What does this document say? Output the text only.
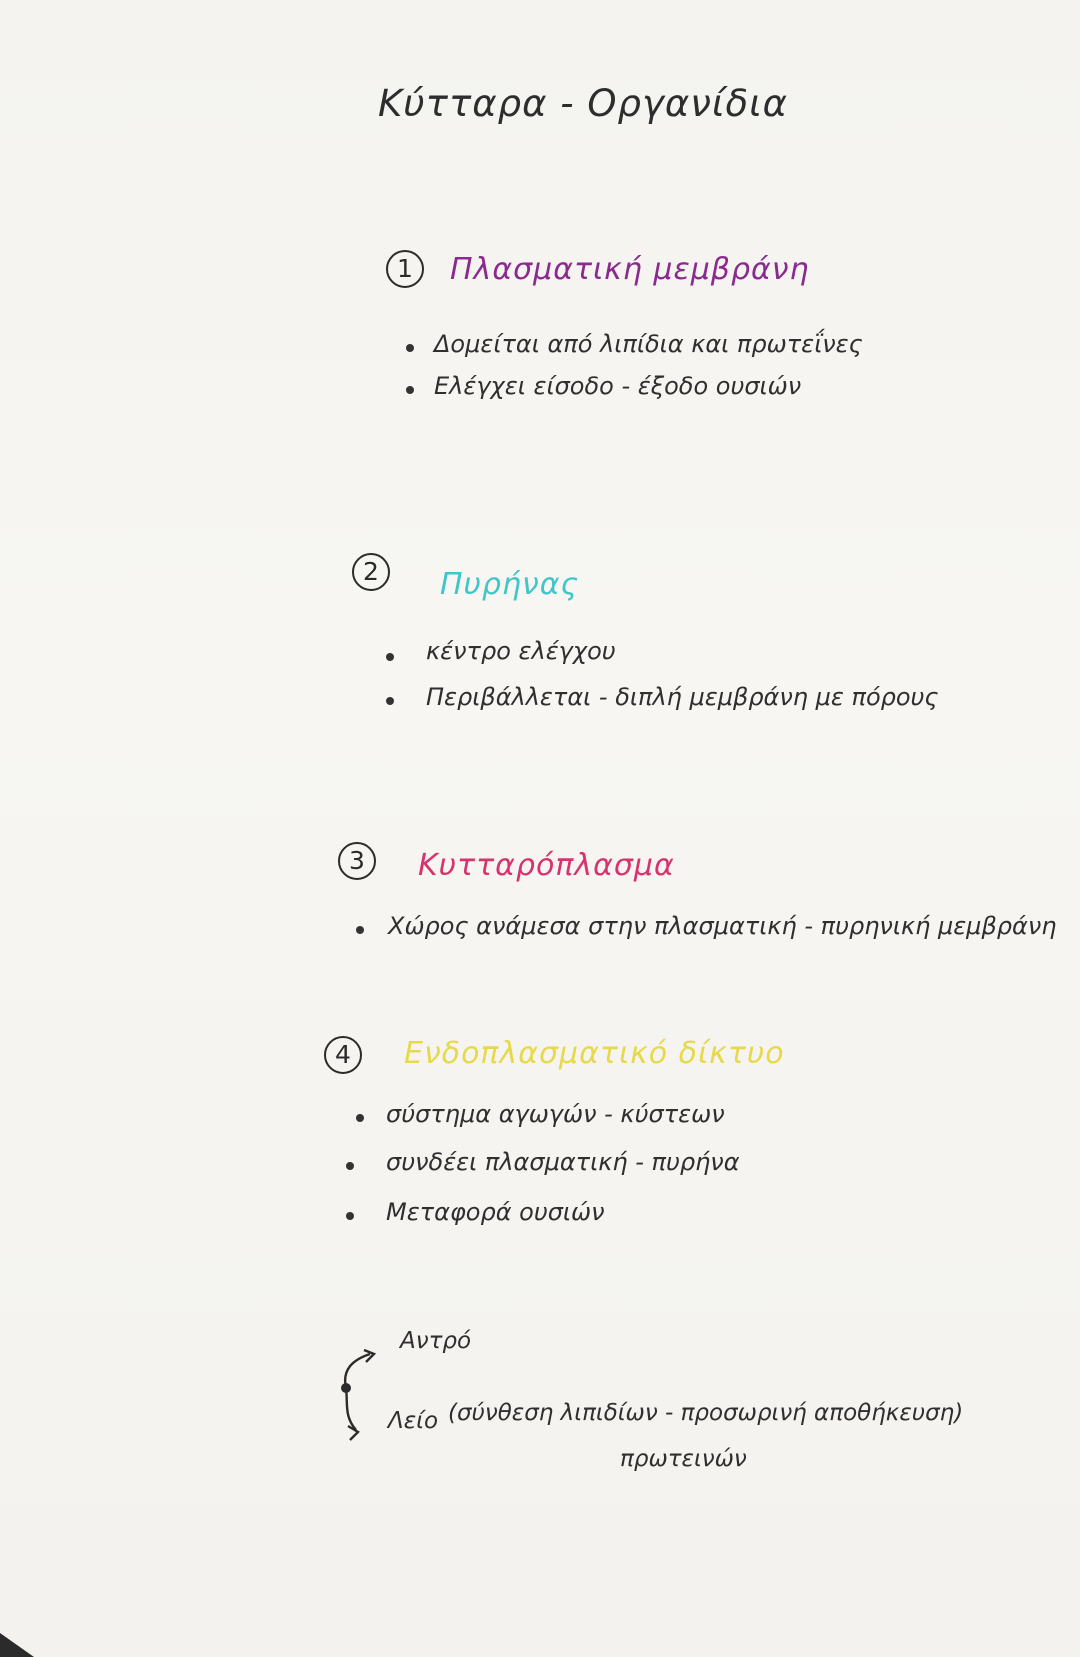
Κύτταρα - Οργανίδια
1	Πλασματική μεμβράνη
Δομείται από λιπίδια και πρωτεΐνες
Ελέγχει είσοδο - έξοδο ουσιών
2	Πυρήνας
κέντρο ελέγχου
Περιβάλλεται - διπλή μεμβράνη με πόρους
3	Κυτταρόπλασμα
Χώρος ανάμεσα στην πλασματική - πυρηνική μεμβράνη
4	Ενδοπλασματικό δίκτυο
σύστημα αγωγών - κύστεων
συνδέει πλασματική - πυρήνα
Μεταφορά ουσιών
Αντρό
Λείο (σύνθεση λιπιδίων - προσωρινή αποθήκευση)
πρωτεινών
